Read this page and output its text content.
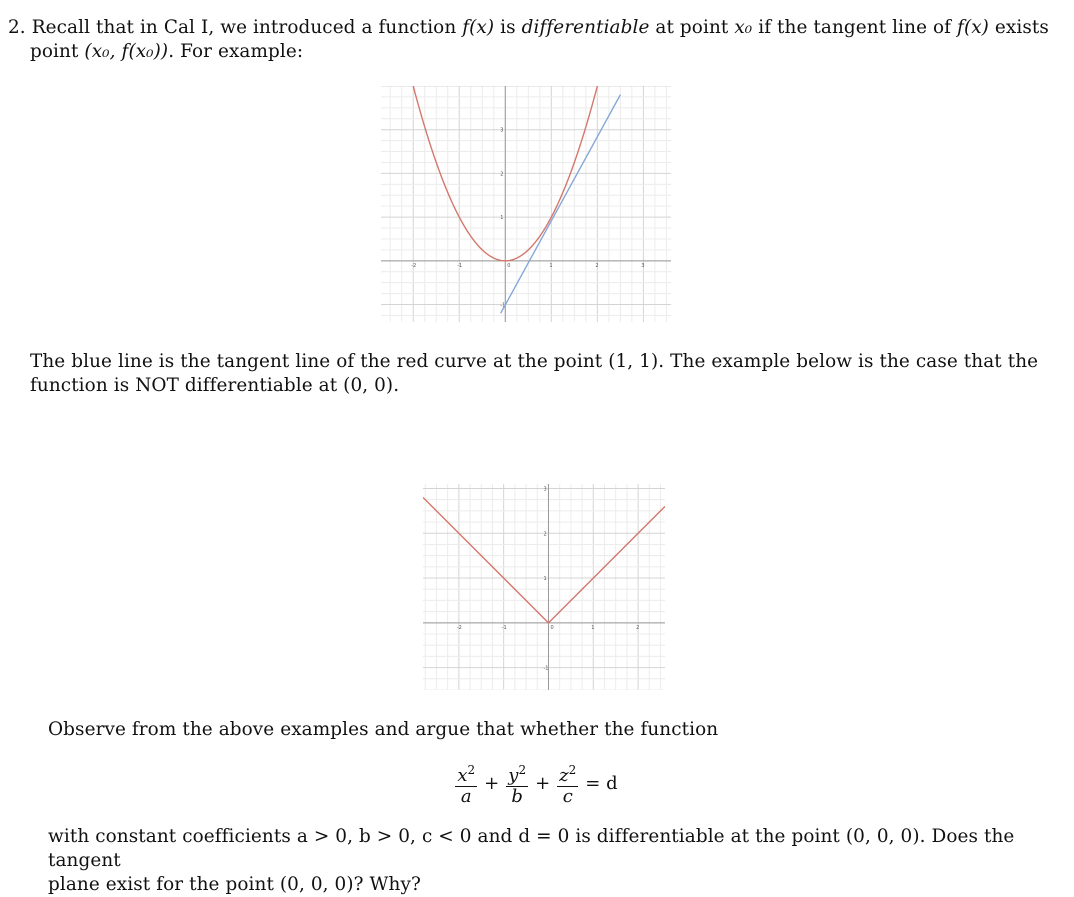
2. Recall that in Cal I, we introduced a function f(x) is differentiable at point x₀ if the tangent line of f(x) exists
point (x₀, f(x₀)). For example:

-2	-1	0	1	2	3
-1
1
2
3

The blue line is the tangent line of the red curve at the point (1, 1). The example below is the case that the
function is NOT differentiable at (0, 0).

-2	-1	0	1	2
-1
1
2
3

Observe from the above examples and argue that whether the function

$\frac{x^2}{a} + \frac{y^2}{b} + \frac{z^2}{c} = d$

with constant coefficients a > 0, b > 0, c < 0 and d = 0 is differentiable at the point (0, 0, 0). Does the tangent
plane exist for the point (0, 0, 0)? Why?
